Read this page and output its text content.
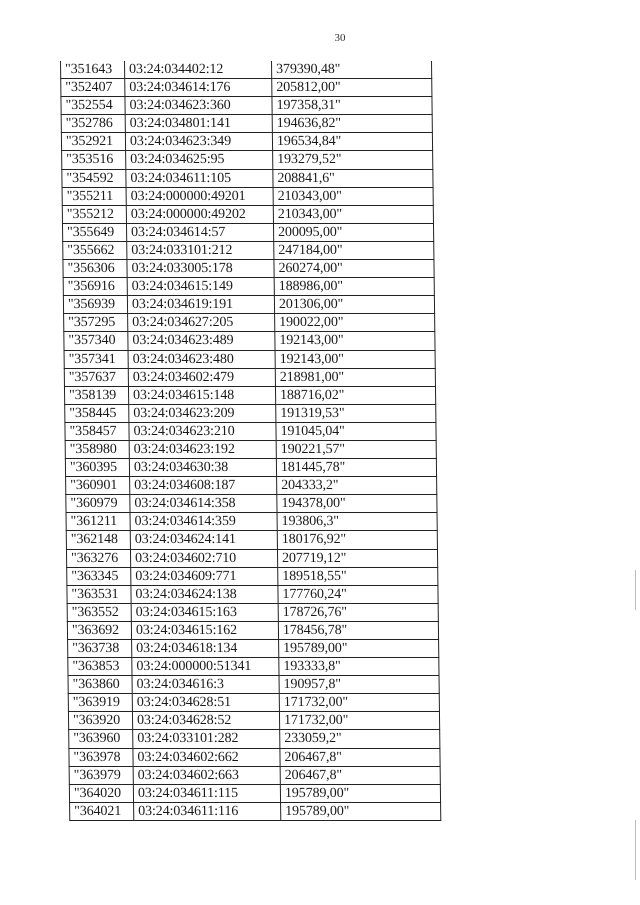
30
"351643	03:24:034402:12	379390,48"
"352407	03:24:034614:176	205812,00"
"352554	03:24:034623:360	197358,31"
"352786	03:24:034801:141	194636,82"
"352921	03:24:034623:349	196534,84"
"353516	03:24:034625:95	193279,52"
"354592	03:24:034611:105	208841,6"
"355211	03:24:000000:49201	210343,00"
"355212	03:24:000000:49202	210343,00"
"355649	03:24:034614:57	200095,00"
"355662	03:24:033101:212	247184,00"
"356306	03:24:033005:178	260274,00"
"356916	03:24:034615:149	188986,00"
"356939	03:24:034619:191	201306,00"
"357295	03:24:034627:205	190022,00"
"357340	03:24:034623:489	192143,00"
"357341	03:24:034623:480	192143,00"
"357637	03:24:034602:479	218981,00"
"358139	03:24:034615:148	188716,02"
"358445	03:24:034623:209	191319,53"
"358457	03:24:034623:210	191045,04"
"358980	03:24:034623:192	190221,57"
"360395	03:24:034630:38	181445,78"
"360901	03:24:034608:187	204333,2"
"360979	03:24:034614:358	194378,00"
"361211	03:24:034614:359	193806,3"
"362148	03:24:034624:141	180176,92"
"363276	03:24:034602:710	207719,12"
"363345	03:24:034609:771	189518,55"
"363531	03:24:034624:138	177760,24"
"363552	03:24:034615:163	178726,76"
"363692	03:24:034615:162	178456,78"
"363738	03:24:034618:134	195789,00"
"363853	03:24:000000:51341	193333,8"
"363860	03:24:034616:3	190957,8"
"363919	03:24:034628:51	171732,00"
"363920	03:24:034628:52	171732,00"
"363960	03:24:033101:282	233059,2"
"363978	03:24:034602:662	206467,8"
"363979	03:24:034602:663	206467,8"
"364020	03:24:034611:115	195789,00"
"364021	03:24:034611:116	195789,00"
